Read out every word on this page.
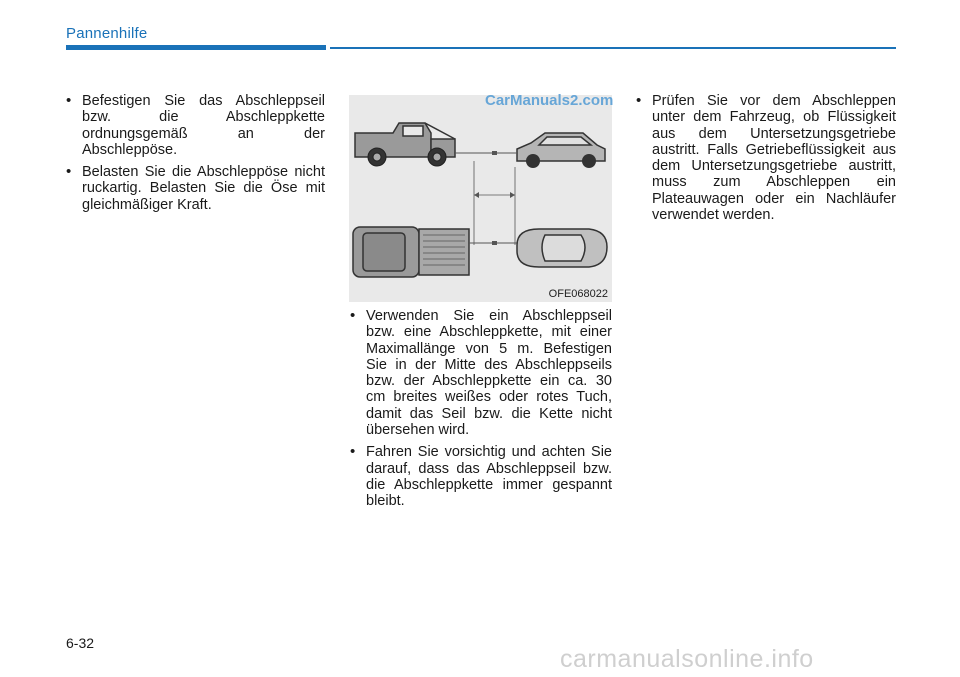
Pannenhilfe
• Befestigen Sie das Abschleppseil bzw. die Abschleppkette ordnungsgemäß an der Abschleppöse.
• Belasten Sie die Abschleppöse nicht ruckartig. Belasten Sie die Öse mit gleichmäßiger Kraft.
OFE068022
CarManuals2.com
• Verwenden Sie ein Abschleppseil bzw. eine Abschleppkette, mit einer Maximallänge von 5 m. Befestigen Sie in der Mitte des Abschleppseils bzw. der Abschleppkette ein ca. 30 cm breites weißes oder rotes Tuch, damit das Seil bzw. die Kette nicht übersehen wird.
• Fahren Sie vorsichtig und achten Sie darauf, dass das Abschleppseil bzw. die Abschleppkette immer gespannt bleibt.
• Prüfen Sie vor dem Abschleppen unter dem Fahrzeug, ob Flüssigkeit aus dem Untersetzungsgetriebe austritt. Falls Getriebeflüssigkeit aus dem Untersetzungsgetriebe austritt, muss zum Abschleppen ein Plateauwagen oder ein Nachläufer verwendet werden.
6-32
carmanualsonline.info
